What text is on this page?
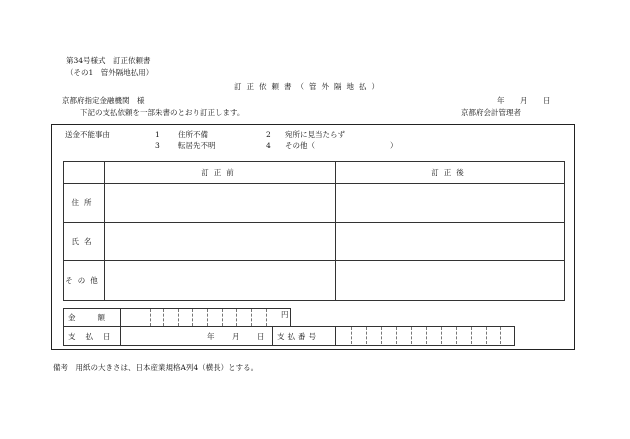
第34号様式　訂正依頼書
（その1　管外隔地払用）
訂正依頼書（管外隔地払）
年 月 日
京都府指定金融機関　様
下記の支払依頼を一部朱書のとおり訂正します。	京都府会計管理者
送金不能事由	1 住所不備	2 宛所に見当たらず
3 転居先不明	4 その他（　　　　　　　　　　）
訂正前	訂正後
住所
氏名
その他
金額	円
支払日	年 月 日 支払番号
備考　用紙の大きさは、日本産業規格A列4（横長）とする。
